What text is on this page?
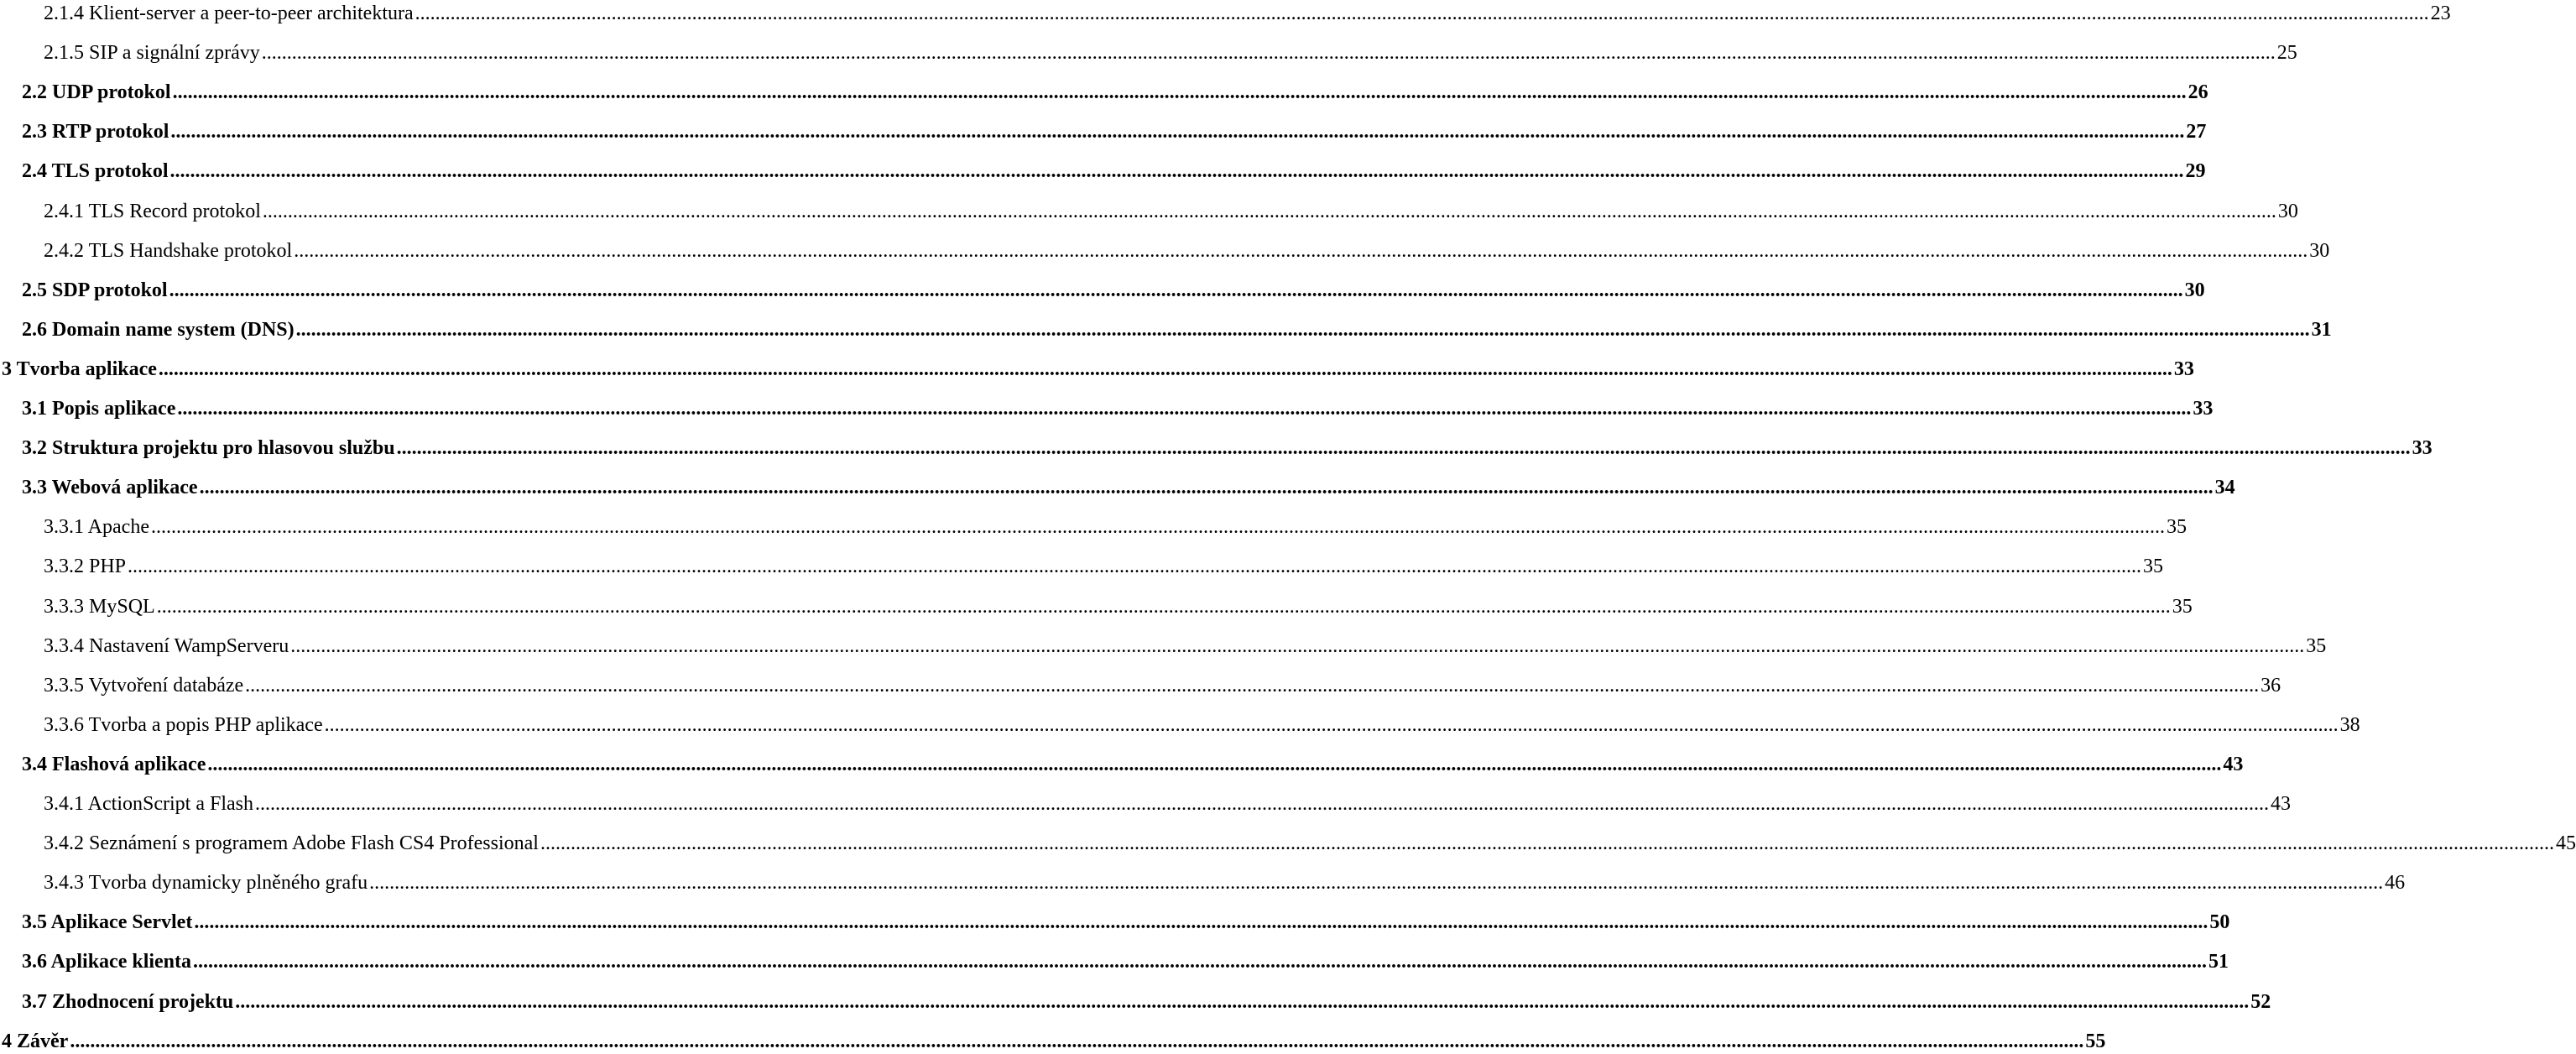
2.1.4 Klient-server a peer-to-peer architektura ................................................................................................................................................................................................................................................................................................................................................................................................................ 23
2.1.5 SIP a signální zprávy ................................................................................................................................................................................................................................................................................................................................................................................................................ 25
2.2 UDP protokol ................................................................................................................................................................................................................................................................................................................................................................................................................ 26
2.3 RTP protokol ................................................................................................................................................................................................................................................................................................................................................................................................................ 27
2.4 TLS protokol ................................................................................................................................................................................................................................................................................................................................................................................................................ 29
2.4.1 TLS Record protokol ................................................................................................................................................................................................................................................................................................................................................................................................................ 30
2.4.2 TLS Handshake protokol ................................................................................................................................................................................................................................................................................................................................................................................................................ 30
2.5 SDP protokol ................................................................................................................................................................................................................................................................................................................................................................................................................ 30
2.6 Domain name system (DNS) ................................................................................................................................................................................................................................................................................................................................................................................................................ 31
3 Tvorba aplikace ................................................................................................................................................................................................................................................................................................................................................................................................................ 33
3.1 Popis aplikace ................................................................................................................................................................................................................................................................................................................................................................................................................ 33
3.2 Struktura projektu pro hlasovou službu ................................................................................................................................................................................................................................................................................................................................................................................................................ 33
3.3 Webová aplikace ................................................................................................................................................................................................................................................................................................................................................................................................................ 34
3.3.1 Apache ................................................................................................................................................................................................................................................................................................................................................................................................................ 35
3.3.2 PHP ................................................................................................................................................................................................................................................................................................................................................................................................................ 35
3.3.3 MySQL ................................................................................................................................................................................................................................................................................................................................................................................................................ 35
3.3.4 Nastavení WampServeru ................................................................................................................................................................................................................................................................................................................................................................................................................ 35
3.3.5 Vytvoření databáze ................................................................................................................................................................................................................................................................................................................................................................................................................ 36
3.3.6 Tvorba a popis PHP aplikace ................................................................................................................................................................................................................................................................................................................................................................................................................ 38
3.4 Flashová aplikace ................................................................................................................................................................................................................................................................................................................................................................................................................ 43
3.4.1 ActionScript a Flash ................................................................................................................................................................................................................................................................................................................................................................................................................ 43
3.4.2 Seznámení s programem Adobe Flash CS4 Professional ................................................................................................................................................................................................................................................................................................................................................................................................................ 45
3.4.3 Tvorba dynamicky plněného grafu ................................................................................................................................................................................................................................................................................................................................................................................................................ 46
3.5 Aplikace Servlet ................................................................................................................................................................................................................................................................................................................................................................................................................ 50
3.6 Aplikace klienta ................................................................................................................................................................................................................................................................................................................................................................................................................ 51
3.7 Zhodnocení projektu ................................................................................................................................................................................................................................................................................................................................................................................................................ 52
4 Závěr ................................................................................................................................................................................................................................................................................................................................................................................................................ 55
